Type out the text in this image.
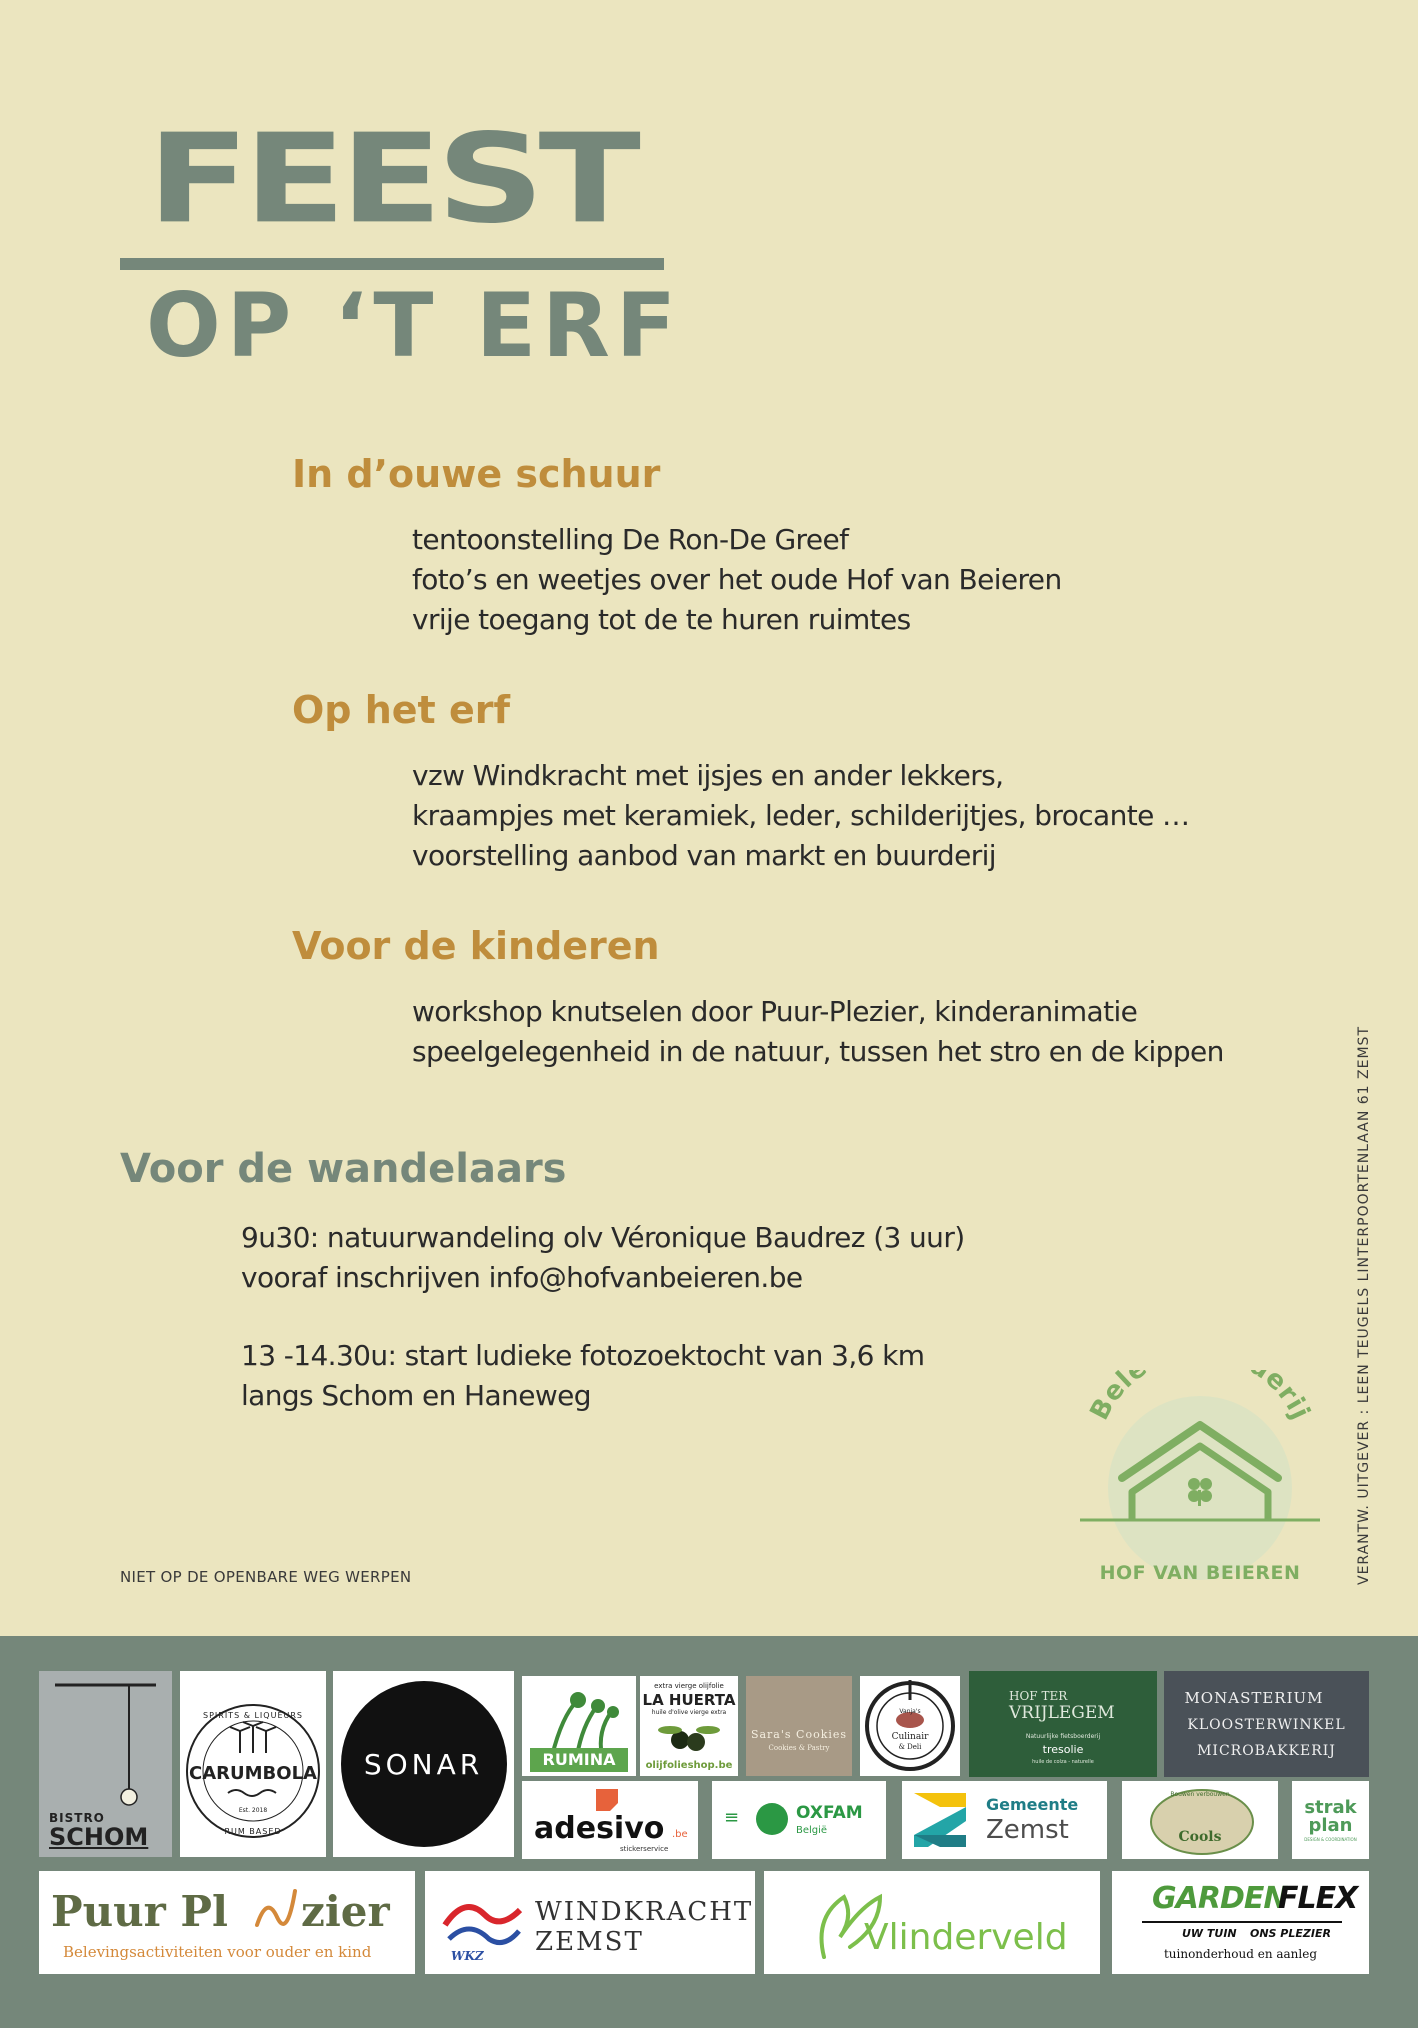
FEEST
OP ‘T ERF
In d’ouwe schuur
tentoonstelling De Ron-De Greef
foto’s en weetjes over het oude Hof van Beieren
vrije toegang tot de te huren ruimtes
Op het erf
vzw Windkracht met ijsjes en ander lekkers,
kraampjes met keramiek, leder, schilderijtjes, brocante …
voorstelling aanbod van markt en buurderij
Voor de kinderen
workshop knutselen door Puur-Plezier, kinderanimatie
speelgelegenheid in de natuur, tussen het stro en de kippen
Voor de wandelaars
9u30: natuurwandeling olv Véronique Baudrez (3 uur)
vooraf inschrijven info@hofvanbeieren.be
13 -14.30u: start ludieke fotozoektocht van 3,6 km
langs Schom en Haneweg
NIET OP DE OPENBARE WEG WERPEN	VERANTW. UITGEVER : LEEN TEUGELS LINTERPOORTENLAAN 61 ZEMST
Bel erij
HOF VAN BEIEREN
BISTRO
SCHOM
CARUMBOLA
SPIRITS & LIQUEURS
RUM BASED
Est. 2018
SONAR	RUMINA
extra vierge olijfolie
LA HUERTA
huile d'olive vierge extra
olijfolieshop.be
Sara's Cookies
Cookies & Pastry
Vanja's
Culinair
& Deli
HOF TER
VRIJLEGEM
Natuurlijke fietsboerderij
tresolie
huile de colza - naturelle
MONASTERIUM
KLOOSTERWINKEL
MICROBAKKERIJ
adesivo .be
stickerservice
≡	OXFAM
België
Gemeente
Zemst
Bouwen verbouwen
Cools
strak
plan
DESIGN & COORDINATION
Puur Pl zier
Belevingsactiviteiten voor ouder en kind	WKZ
WINDKRACHT
ZEMST	Vlinderveld
GARDEN
FLEX
UW TUIN ONS PLEZIER
tuinonderhoud en aanleg
